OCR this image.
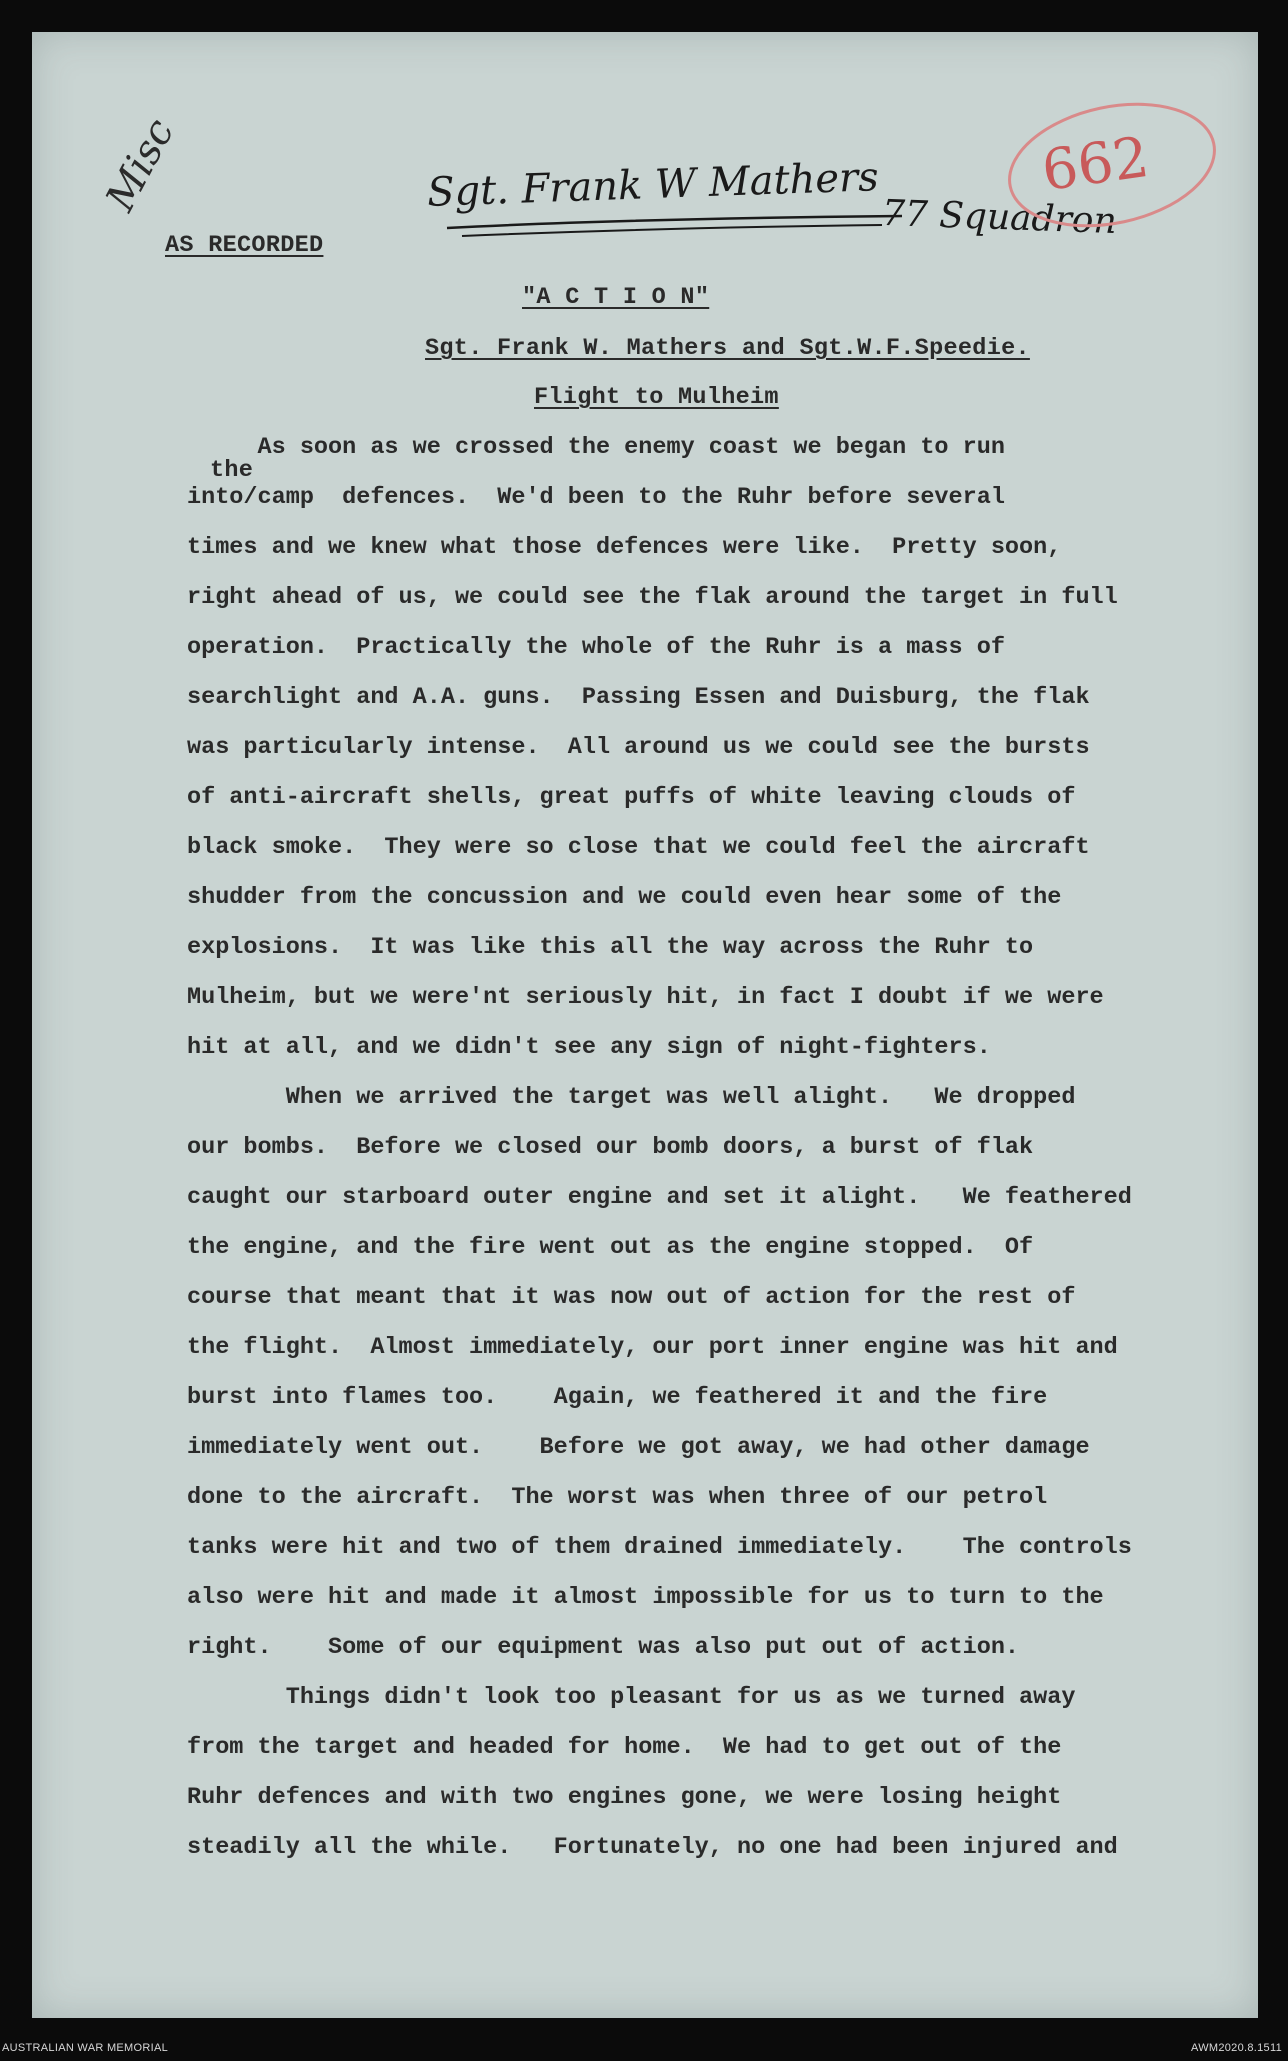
Misc	Sgt. Frank W Mathers
77 Squadron
662
AS RECORDED
"A C T I O N"
Sgt. Frank W. Mathers and Sgt.W.F.Speedie.
Flight to Mulheim
the
As soon as we crossed the enemy coast we began to run
into/camp  defences.  We'd been to the Ruhr before several
times and we knew what those defences were like.  Pretty soon,
right ahead of us, we could see the flak around the target in full
operation.  Practically the whole of the Ruhr is a mass of
searchlight and A.A. guns.  Passing Essen and Duisburg, the flak
was particularly intense.  All around us we could see the bursts
of anti-aircraft shells, great puffs of white leaving clouds of
black smoke.  They were so close that we could feel the aircraft
shudder from the concussion and we could even hear some of the
explosions.  It was like this all the way across the Ruhr to
Mulheim, but we were'nt seriously hit, in fact I doubt if we were
hit at all, and we didn't see any sign of night-fighters.
When we arrived the target was well alight.   We dropped
our bombs.  Before we closed our bomb doors, a burst of flak
caught our starboard outer engine and set it alight.   We feathered
the engine, and the fire went out as the engine stopped.  Of
course that meant that it was now out of action for the rest of
the flight.  Almost immediately, our port inner engine was hit and
burst into flames too.    Again, we feathered it and the fire
immediately went out.    Before we got away, we had other damage
done to the aircraft.  The worst was when three of our petrol
tanks were hit and two of them drained immediately.    The controls
also were hit and made it almost impossible for us to turn to the
right.    Some of our equipment was also put out of action.
Things didn't look too pleasant for us as we turned away
from the target and headed for home.  We had to get out of the
Ruhr defences and with two engines gone, we were losing height
steadily all the while.   Fortunately, no one had been injured and
AUSTRALIAN WAR MEMORIAL	AWM2020.8.1511
